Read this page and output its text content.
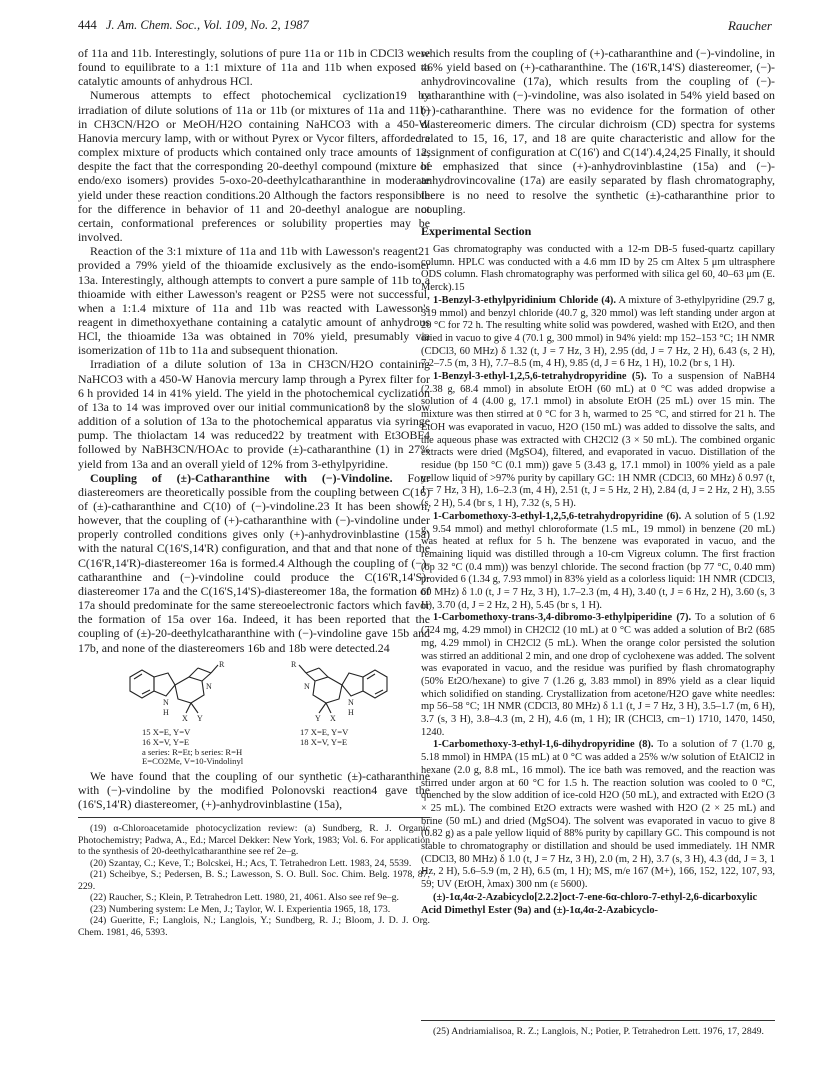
444 J. Am. Chem. Soc., Vol. 109, No. 2, 1987	Raucher

of 11a and 11b. Interestingly, solutions of pure 11a or 11b in CDCl3 were found to equilibrate to a 1:1 mixture of 11a and 11b when exposed to catalytic amounts of anhydrous HCl.

Numerous attempts to effect photochemical cyclization19 by irradiation of dilute solutions of 11a or 11b (or mixtures of 11a and 11b) in CH3CN/H2O or MeOH/H2O containing NaHCO3 with a 450-W Hanovia mercury lamp, with or without Pyrex or Vycor filters, afforded a complex mixture of products which contained only trace amounts of 12, despite the fact that the corresponding 20-deethyl compound (mixture of endo/exo isomers) provides 5-oxo-20-deethylcatharanthine in moderate yield under these reaction conditions.20 Although the factors responsible for the difference in behavior of 11 and 20-deethyl analogue are not certain, conformational preferences or solubility properties may be involved.

Reaction of the 3:1 mixture of 11a and 11b with Lawesson's reagent21 provided a 79% yield of the thioamide exclusively as the endo-isomer 13a. Interestingly, although attempts to convert a pure sample of 11b to a thioamide with either Lawesson's reagent or P2S5 were not successful, when a 1:1.4 mixture of 11a and 11b was reacted with Lawesson's reagent in dimethoxyethane containing a catalytic amount of anhydrous HCl, the thioamide 13a was obtained in 70% yield, presumably via isomerization of 11b to 11a and subsequent thionation.

Irradiation of a dilute solution of 13a in CH3CN/H2O containing NaHCO3 with a 450-W Hanovia mercury lamp through a Pyrex filter for 6 h provided 14 in 41% yield. The yield in the photochemical cyclization of 13a to 14 was improved over our initial communication8 by the slow addition of a solution of 13a to the photochemical apparatus via syringe pump. The thiolactam 14 was reduced22 by treatment with Et3OBF4 followed by NaBH3CN/HOAc to provide (±)-catharanthine (1) in 27% yield from 13a and an overall yield of 12% from 3-ethylpyridine.

Coupling of (±)-Catharanthine with (−)-Vindoline. Four diastereomers are theoretically possible from the coupling between C(16) of (±)-catharanthine and C(10) of (−)-vindoline.23 It has been shown, however, that the coupling of (+)-catharanthine with (−)-vindoline under properly controlled conditions gives only (+)-anhydrovinblastine (15a) with the natural C(16'S,14'R) configuration, and that and that none of the C(16'R,14'R)-diastereomer 16a is formed.4 Although the coupling of (−)-catharanthine and (−)-vindoline could produce the C(16'R,14'S)-diastereomer 17a and the C(16'S,14'S)-diastereomer 18a, the formation of 17a should predominate for the same stereoelectronic factors which favor the formation of 15a over 16a. Indeed, it has been reported that the coupling of (±)-20-deethylcatharanthine with (−)-vindoline gave 15b and 17b, and none of the diastereomers 16b and 18b were detected.24

N
H
N
R
X Y
N
H
N
R
Y X
15 X=E, Y=V
16 X=V, Y=E
17 X=E, Y=V
18 X=V, Y=E
a series: R=Et; b series: R=H
E=CO2Me, V=10-Vindolinyl

We have found that the coupling of our synthetic (±)-catharanthine with (−)-vindoline by the modified Polonovski reaction4 gave the (16'S,14'R) diastereomer, (+)-anhydrovinblastine (15a),

(19) α-Chloroacetamide photocyclization review: (a) Sundberg, R. J. Organic Photochemistry; Padwa, A., Ed.; Marcel Dekker: New York, 1983; Vol. 6. For application to the synthesis of 20-deethylcatharanthine see ref 2e–g.

(20) Szantay, C.; Keve, T.; Bolcskei, H.; Acs, T. Tetrahedron Lett. 1983, 24, 5539.

(21) Scheibye, S.; Pedersen, B. S.; Lawesson, S. O. Bull. Soc. Chim. Belg. 1978, 87, 229.

(22) Raucher, S.; Klein, P. Tetrahedron Lett. 1980, 21, 4061. Also see ref 9e–g.

(23) Numbering system: Le Men, J.; Taylor, W. I. Experientia 1965, 18, 173.

(24) Gueritte, F.; Langlois, N.; Langlois, Y.; Sundberg, R. J.; Bloom, J. D. J. Org. Chem. 1981, 46, 5393.

which results from the coupling of (+)-catharanthine and (−)-vindoline, in 46% yield based on (+)-catharanthine. The (16'R,14'S) diastereomer, (−)-anhydrovincovaline (17a), which results from the coupling of (−)-catharanthine with (−)-vindoline, was also isolated in 54% yield based on (−)-catharanthine. There was no evidence for the formation of other diastereomeric dimers. The circular dichroism (CD) spectra for systems related to 15, 16, 17, and 18 are quite characteristic and allow for the assignment of configuration at C(16') and C(14').4,24,25 Finally, it should be emphasized that since (+)-anhydrovinblastine (15a) and (−)-anhydrovincovaline (17a) are easily separated by flash chromatography, there is no need to resolve the synthetic (±)-catharanthine prior to coupling.

Experimental Section

Gas chromatography was conducted with a 12-m DB-5 fused-quartz capillary column. HPLC was conducted with a 4.6 mm ID by 25 cm Altex 5 μm ultrasphere ODS column. Flash chromatography was performed with silica gel 60, 40–63 μm (E. Merck).15

1-Benzyl-3-ethylpyridinium Chloride (4). A mixture of 3-ethylpyridine (29.7 g, 319 mmol) and benzyl chloride (40.7 g, 320 mmol) was left standing under argon at 20 °C for 72 h. The resulting white solid was powdered, washed with Et2O, and then dried in vacuo to give 4 (70.1 g, 300 mmol) in 94% yield: mp 152–153 °C; 1H NMR (CDCl3, 60 MHz) δ 1.32 (t, J = 7 Hz, 3 H), 2.95 (dd, J = 7 Hz, 2 H), 6.43 (s, 2 H), 7.2–7.5 (m, 3 H), 7.7–8.5 (m, 4 H), 9.85 (d, J = 6 Hz, 1 H), 10.2 (br s, 1 H).

1-Benzyl-3-ethyl-1,2,5,6-tetrahydropyridine (5). To a suspension of NaBH4 (2.38 g, 68.4 mmol) in absolute EtOH (60 mL) at 0 °C was added dropwise a solution of 4 (4.00 g, 17.1 mmol) in absolute EtOH (25 mL) over 15 min. The mixture was then stirred at 0 °C for 3 h, warmed to 25 °C, and stirred for 21 h. The EtOH was evaporated in vacuo, H2O (150 mL) was added to dissolve the salts, and the aqueous phase was extracted with CH2Cl2 (3 × 50 mL). The combined organic extracts were dried (MgSO4), filtered, and evaporated in vacuo. Distillation of the residue (bp 150 °C (0.1 mm)) gave 5 (3.43 g, 17.1 mmol) in 100% yield as a pale yellow liquid of >97% purity by capillary GC: 1H NMR (CDCl3, 60 MHz) δ 0.97 (t, J = 7 Hz, 3 H), 1.6–2.3 (m, 4 H), 2.51 (t, J = 5 Hz, 2 H), 2.84 (d, J = 2 Hz, 2 H), 3.55 (s, 2 H), 5.4 (br s, 1 H), 7.32 (s, 5 H).

1-Carbomethoxy-3-ethyl-1,2,5,6-tetrahydropyridine (6). A solution of 5 (1.92 g, 9.54 mmol) and methyl chloroformate (1.5 mL, 19 mmol) in benzene (20 mL) was heated at reflux for 5 h. The benzene was evaporated in vacuo, and the remaining liquid was distilled through a 10-cm Vigreux column. The first fraction (bp 32 °C (0.4 mm)) was benzyl chloride. The second fraction (bp 77 °C, 0.40 mm) provided 6 (1.34 g, 7.93 mmol) in 83% yield as a colorless liquid: 1H NMR (CDCl3, 60 MHz) δ 1.0 (t, J = 7 Hz, 3 H), 1.7–2.3 (m, 4 H), 3.40 (t, J = 6 Hz, 2 H), 3.60 (s, 3 H), 3.70 (d, J = 2 Hz, 2 H), 5.45 (br s, 1 H).

1-Carbomethoxy-trans-3,4-dibromo-3-ethylpiperidine (7). To a solution of 6 (724 mg, 4.29 mmol) in CH2Cl2 (10 mL) at 0 °C was added a solution of Br2 (685 mg, 4.29 mmol) in CH2Cl2 (5 mL). When the orange color persisted the solution was stirred an additional 2 min, and one drop of cyclohexene was added. The solvent was evaporated in vacuo, and the residue was purified by flash chromatography (50% Et2O/hexane) to give 7 (1.26 g, 3.83 mmol) in 89% yield as a clear liquid which solidified on standing. Crystallization from acetone/H2O gave white needles: mp 56–58 °C; 1H NMR (CDCl3, 80 MHz) δ 1.1 (t, J = 7 Hz, 3 H), 3.5–1.7 (m, 6 H), 3.7 (s, 3 H), 3.8–4.3 (m, 2 H), 4.6 (m, 1 H); IR (CHCl3, cm−1) 1710, 1470, 1450, 1240.

1-Carbomethoxy-3-ethyl-1,6-dihydropyridine (8). To a solution of 7 (1.70 g, 5.18 mmol) in HMPA (15 mL) at 0 °C was added a 25% w/w solution of EtAlCl2 in hexane (2.0 g, 8.8 mL, 16 mmol). The ice bath was removed, and the reaction was stirred under argon at 60 °C for 1.5 h. The reaction solution was cooled to 0 °C, quenched by the slow addition of ice-cold H2O (50 mL), and extracted with Et2O (3 × 25 mL). The combined Et2O extracts were washed with H2O (2 × 25 mL) and brine (50 mL) and dried (MgSO4). The solvent was evaporated in vacuo to give 8 (0.82 g) as a pale yellow liquid of 88% purity by capillary GC. This compound is not stable to chromatography or distillation and should be used immediately. 1H NMR (CDCl3, 80 MHz) δ 1.0 (t, J = 7 Hz, 3 H), 2.0 (m, 2 H), 3.7 (s, 3 H), 4.3 (dd, J = 3, 1 Hz, 2 H), 5.6–5.9 (m, 2 H), 6.5 (m, 1 H); MS, m/e 167 (M+), 166, 152, 122, 107, 93, 59; UV (EtOH, λmax) 300 nm (ε 5600).

(±)-1α,4α-2-Azabicyclo[2.2.2]oct-7-ene-6α-chloro-7-ethyl-2,6-dicarboxylic Acid Dimethyl Ester (9a) and (±)-1α,4α-2-Azabicyclo-

(25) Andriamialisoa, R. Z.; Langlois, N.; Potier, P. Tetrahedron Lett. 1976, 17, 2849.
